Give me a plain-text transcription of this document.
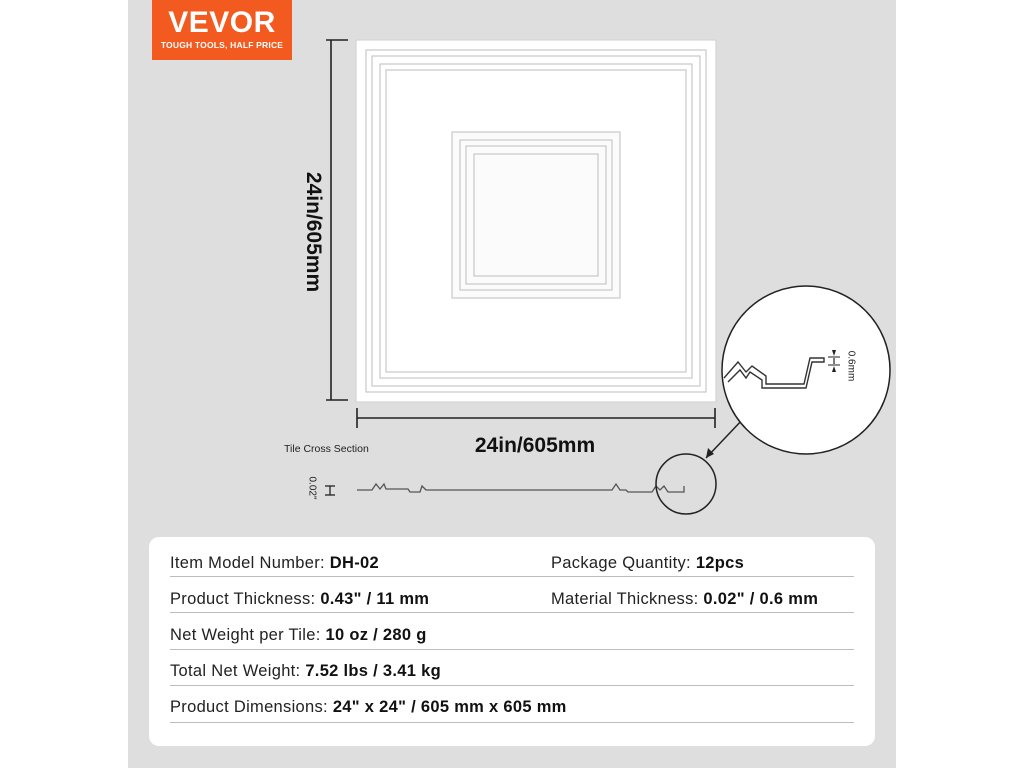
VEVOR
TOUGH TOOLS, HALF PRICE
24in/605mm
24in/605mm
Tile Cross Section
0.02"
0.6mm
Item Model Number: DH-02	Package Quantity: 12pcs
Product Thickness: 0.43" / 11 mm	Material Thickness: 0.02" / 0.6 mm
Net Weight per Tile: 10 oz / 280 g
Total Net Weight: 7.52 lbs / 3.41 kg
Product Dimensions: 24" x 24" / 605 mm x 605 mm
